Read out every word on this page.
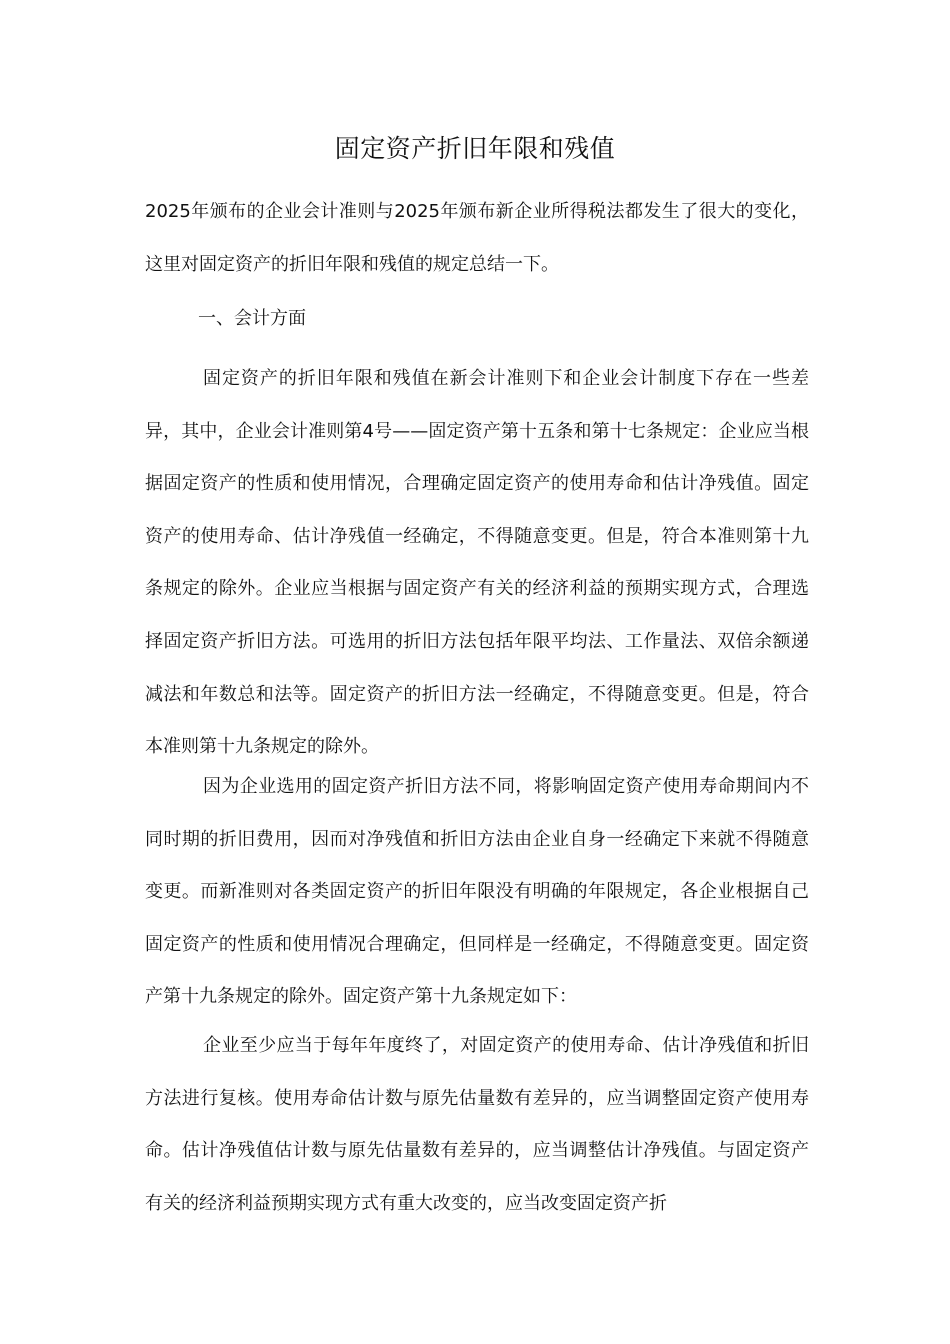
固定资产折旧年限和残值

2025年颁布的企业会计准则与2025年颁布新企业所得税法都发生了很大的变化，这里对固定资产的折旧年限和残值的规定总结一下。

一、会计方面

固定资产的折旧年限和残值在新会计准则下和企业会计制度下存在一些差异，其中，企业会计准则第4号——固定资产第十五条和第十七条规定：企业应当根据固定资产的性质和使用情况，合理确定固定资产的使用寿命和估计净残值。固定资产的使用寿命、估计净残值一经确定，不得随意变更。但是，符合本准则第十九条规定的除外。企业应当根据与固定资产有关的经济利益的预期实现方式，合理选择固定资产折旧方法。可选用的折旧方法包括年限平均法、工作量法、双倍余额递减法和年数总和法等。固定资产的折旧方法一经确定，不得随意变更。但是，符合本准则第十九条规定的除外。

因为企业选用的固定资产折旧方法不同，将影响固定资产使用寿命期间内不同时期的折旧费用，因而对净残值和折旧方法由企业自身一经确定下来就不得随意变更。而新准则对各类固定资产的折旧年限没有明确的年限规定，各企业根据自己固定资产的性质和使用情况合理确定，但同样是一经确定，不得随意变更。固定资产第十九条规定的除外。固定资产第十九条规定如下：

企业至少应当于每年年度终了，对固定资产的使用寿命、估计净残值和折旧方法进行复核。使用寿命估计数与原先估量数有差异的，应当调整固定资产使用寿命。估计净残值估计数与原先估量数有差异的，应当调整估计净残值。与固定资产有关的经济利益预期实现方式有重大改变的，应当改变固定资产折
